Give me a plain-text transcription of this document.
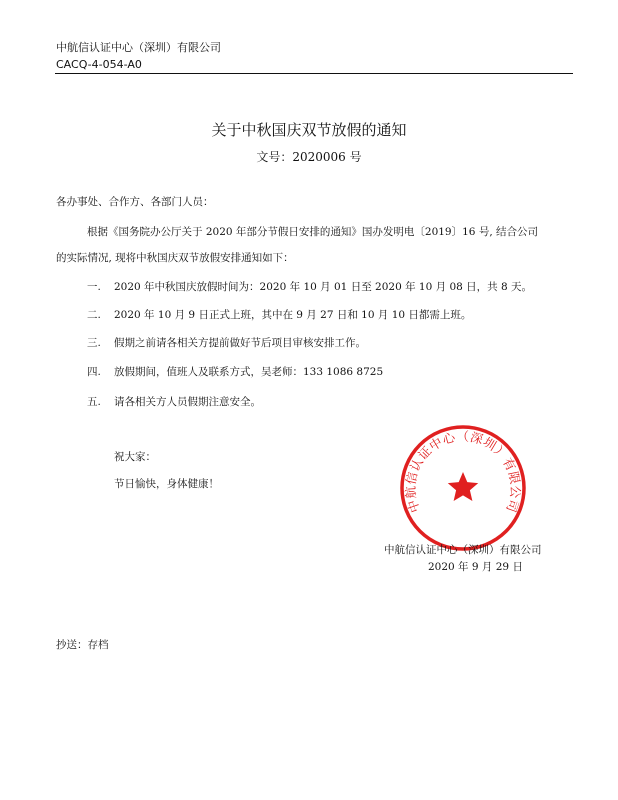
中航信认证中心（深圳）有限公司
CACQ-4-054-A0
关于中秋国庆双节放假的通知
文号：2020006 号
各办事处、合作方、各部门人员：
根据《国务院办公厅关于 2020 年部分节假日安排的通知》国办发明电〔2019〕16 号, 结合公司
的实际情况, 现将中秋国庆双节放假安排通知如下：
一. 2020 年中秋国庆放假时间为：2020 年 10 月 01 日至 2020 年 10 月 08 日，共 8 天。
二. 2020 年 10 月 9 日正式上班，其中在 9 月 27 日和 10 月 10 日都需上班。
三. 假期之前请各相关方提前做好节后项目审核安排工作。
四. 放假期间，值班人及联系方式，吴老师：133 1086 8725
五. 请各相关方人员假期注意安全。
祝大家：
节日愉快，身体健康！
中航信认证中心（深圳）有限公司
中航信认证中心（深圳）有限公司
2020 年 9 月 29 日
抄送：存档
